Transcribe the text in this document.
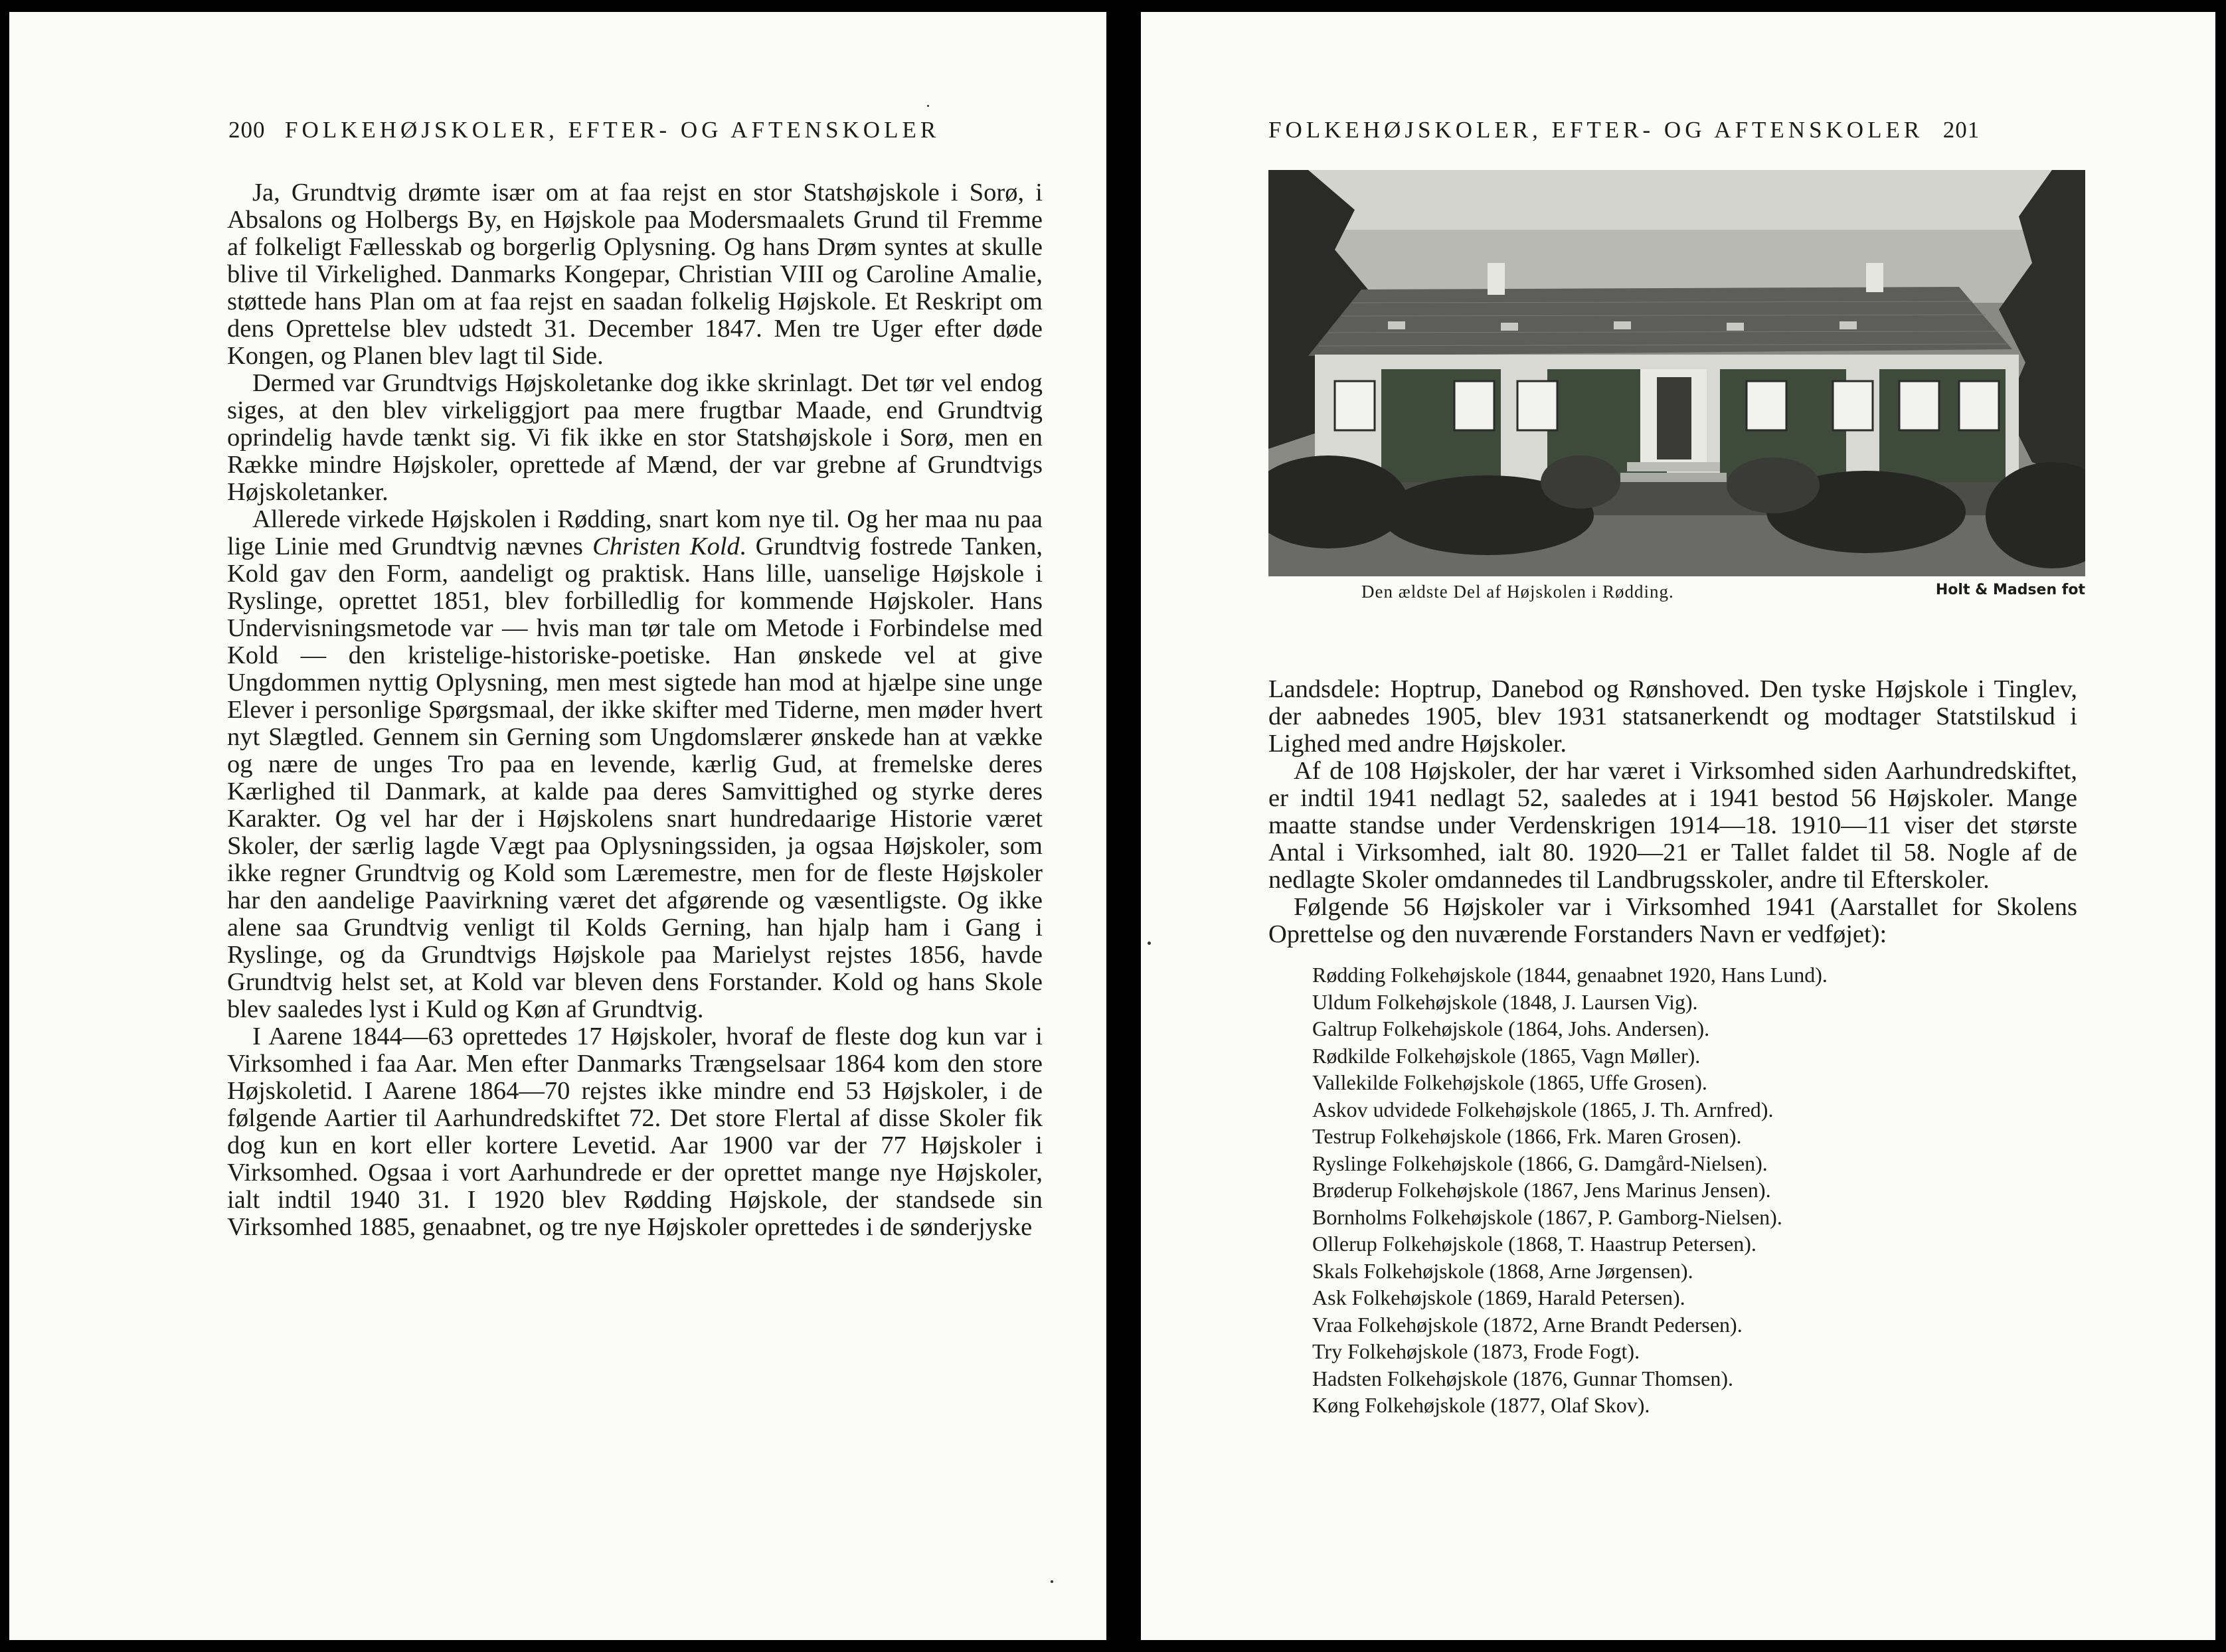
200 FOLKEHØJSKOLER, EFTER- OG AFTENSKOLER

Ja, Grundtvig drømte især om at faa rejst en stor Statshøjskole i Sorø, i Absalons og Holbergs By, en Højskole paa Modersmaalets Grund til Fremme af folkeligt Fællesskab og borgerlig Oplysning. Og hans Drøm syntes at skulle blive til Virkelighed. Danmarks Kongepar, Christian VIII og Caroline Amalie, støttede hans Plan om at faa rejst en saadan folkelig Højskole. Et Reskript om dens Oprettelse blev udstedt 31. December 1847. Men tre Uger efter døde Kongen, og Planen blev lagt til Side.

Dermed var Grundtvigs Højskoletanke dog ikke skrinlagt. Det tør vel endog siges, at den blev virkeliggjort paa mere frugtbar Maade, end Grundtvig oprindelig havde tænkt sig. Vi fik ikke en stor Statshøjskole i Sorø, men en Række mindre Højskoler, oprettede af Mænd, der var grebne af Grundtvigs Højskoletanker.

Allerede virkede Højskolen i Rødding, snart kom nye til. Og her maa nu paa lige Linie med Grundtvig nævnes Christen Kold. Grundtvig fostrede Tanken, Kold gav den Form, aandeligt og praktisk. Hans lille, uanselige Højskole i Ryslinge, oprettet 1851, blev forbilledlig for kommende Højskoler. Hans Undervisningsmetode var — hvis man tør tale om Metode i Forbindelse med Kold — den kristelige-historiske-poetiske. Han ønskede vel at give Ungdommen nyttig Oplysning, men mest sigtede han mod at hjælpe sine unge Elever i personlige Spørgsmaal, der ikke skifter med Tiderne, men møder hvert nyt Slægtled. Gennem sin Gerning som Ungdomslærer ønskede han at vække og nære de unges Tro paa en levende, kærlig Gud, at fremelske deres Kærlighed til Danmark, at kalde paa deres Samvittighed og styrke deres Karakter. Og vel har der i Højskolens snart hundredaarige Historie været Skoler, der særlig lagde Vægt paa Oplysningssiden, ja ogsaa Højskoler, som ikke regner Grundtvig og Kold som Læremestre, men for de fleste Højskoler har den aandelige Paavirkning været det afgørende og væsentligste. Og ikke alene saa Grundtvig venligt til Kolds Gerning, han hjalp ham i Gang i Ryslinge, og da Grundtvigs Højskole paa Marielyst rejstes 1856, havde Grundtvig helst set, at Kold var bleven dens Forstander. Kold og hans Skole blev saaledes lyst i Kuld og Køn af Grundtvig.

I Aarene 1844—63 oprettedes 17 Højskoler, hvoraf de fleste dog kun var i Virksomhed i faa Aar. Men efter Danmarks Trængselsaar 1864 kom den store Højskoletid. I Aarene 1864—70 rejstes ikke mindre end 53 Højskoler, i de følgende Aartier til Aarhundredskiftet 72. Det store Flertal af disse Skoler fik dog kun en kort eller kortere Levetid. Aar 1900 var der 77 Højskoler i Virksomhed. Ogsaa i vort Aarhundrede er der oprettet mange nye Højskoler, ialt indtil 1940 31. I 1920 blev Rødding Højskole, der standsede sin Virksomhed 1885, genaabnet, og tre nye Højskoler oprettedes i de sønderjyske

FOLKEHØJSKOLER, EFTER- OG AFTENSKOLER 201
Den ældste Del af Højskolen i Rødding.	Holt & Madsen fot

Landsdele: Hoptrup, Danebod og Rønshoved. Den tyske Højskole i Tinglev, der aabnedes 1905, blev 1931 statsanerkendt og modtager Statstilskud i Lighed med andre Højskoler.

Af de 108 Højskoler, der har været i Virksomhed siden Aarhundredskiftet, er indtil 1941 nedlagt 52, saaledes at i 1941 bestod 56 Højskoler. Mange maatte standse under Verdenskrigen 1914—18. 1910—11 viser det største Antal i Virksomhed, ialt 80. 1920—21 er Tallet faldet til 58. Nogle af de nedlagte Skoler omdannedes til Landbrugsskoler, andre til Efterskoler.

Følgende 56 Højskoler var i Virksomhed 1941 (Aarstallet for Skolens Oprettelse og den nuværende Forstanders Navn er vedføjet):

Rødding Folkehøjskole (1844, genaabnet 1920, Hans Lund).
Uldum Folkehøjskole (1848, J. Laursen Vig).
Galtrup Folkehøjskole (1864, Johs. Andersen).
Rødkilde Folkehøjskole (1865, Vagn Møller).
Vallekilde Folkehøjskole (1865, Uffe Grosen).
Askov udvidede Folkehøjskole (1865, J. Th. Arnfred).
Testrup Folkehøjskole (1866, Frk. Maren Grosen).
Ryslinge Folkehøjskole (1866, G. Damgård-Nielsen).
Brøderup Folkehøjskole (1867, Jens Marinus Jensen).
Bornholms Folkehøjskole (1867, P. Gamborg-Nielsen).
Ollerup Folkehøjskole (1868, T. Haastrup Petersen).
Skals Folkehøjskole (1868, Arne Jørgensen).
Ask Folkehøjskole (1869, Harald Petersen).
Vraa Folkehøjskole (1872, Arne Brandt Pedersen).
Try Folkehøjskole (1873, Frode Fogt).
Hadsten Folkehøjskole (1876, Gunnar Thomsen).
Køng Folkehøjskole (1877, Olaf Skov).
